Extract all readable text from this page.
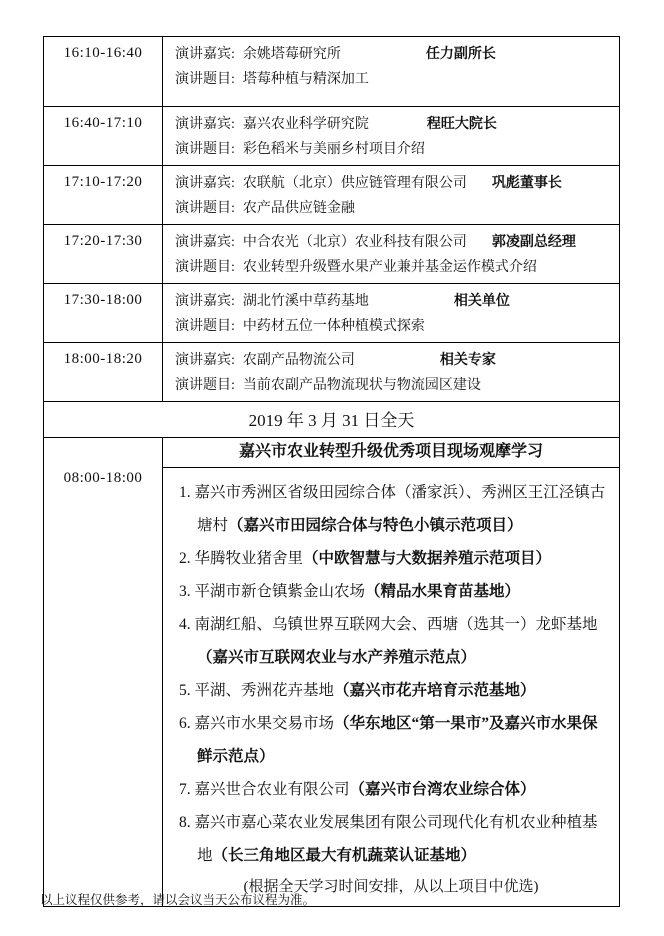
16:10-16:40	演讲嘉宾: 余姚塔莓研究所 任力副所长
演讲题目: 塔莓种植与精深加工

16:40-17:10	演讲嘉宾: 嘉兴农业科学研究院 程旺大院长
演讲题目: 彩色稻米与美丽乡村项目介绍

17:10-17:20	演讲嘉宾: 农联航（北京）供应链管理有限公司 巩彪董事长
演讲题目: 农产品供应链金融

17:20-17:30	演讲嘉宾: 中合农光（北京）农业科技有限公司 郭凌副总经理
演讲题目: 农业转型升级暨水果产业兼并基金运作模式介绍

17:30-18:00	演讲嘉宾: 湖北竹溪中草药基地 相关单位
演讲题目: 中药材五位一体种植模式探索

18:00-18:20	演讲嘉宾: 农副产品物流公司 相关专家
演讲题目: 当前农副产品物流现状与物流园区建设

2019 年 3 月 31 日全天	
08:00-18:00	
嘉兴市农业转型升级优秀项目现场观摩学习
1. 嘉兴市秀洲区省级田园综合体（潘家浜）、秀洲区王江泾镇古塘村（嘉兴市田园综合体与特色小镇示范项目）
2. 华腾牧业猪舍里（中欧智慧与大数据养殖示范项目）
3. 平湖市新仓镇紫金山农场（精品水果育苗基地）
4. 南湖红船、乌镇世界互联网大会、西塘（选其一）龙虾基地（嘉兴市互联网农业与水产养殖示范点）
5. 平湖、秀洲花卉基地（嘉兴市花卉培育示范基地）
6. 嘉兴市水果交易市场（华东地区“第一果市”及嘉兴市水果保鲜示范点）
7. 嘉兴世合农业有限公司（嘉兴市台湾农业综合体）
8. 嘉兴市嘉心菜农业发展集团有限公司现代化有机农业种植基地（长三角地区最大有机蔬菜认证基地）
(根据全天学习时间安排，从以上项目中优选)
以上议程仅供参考，请以会议当天公布议程为准。
